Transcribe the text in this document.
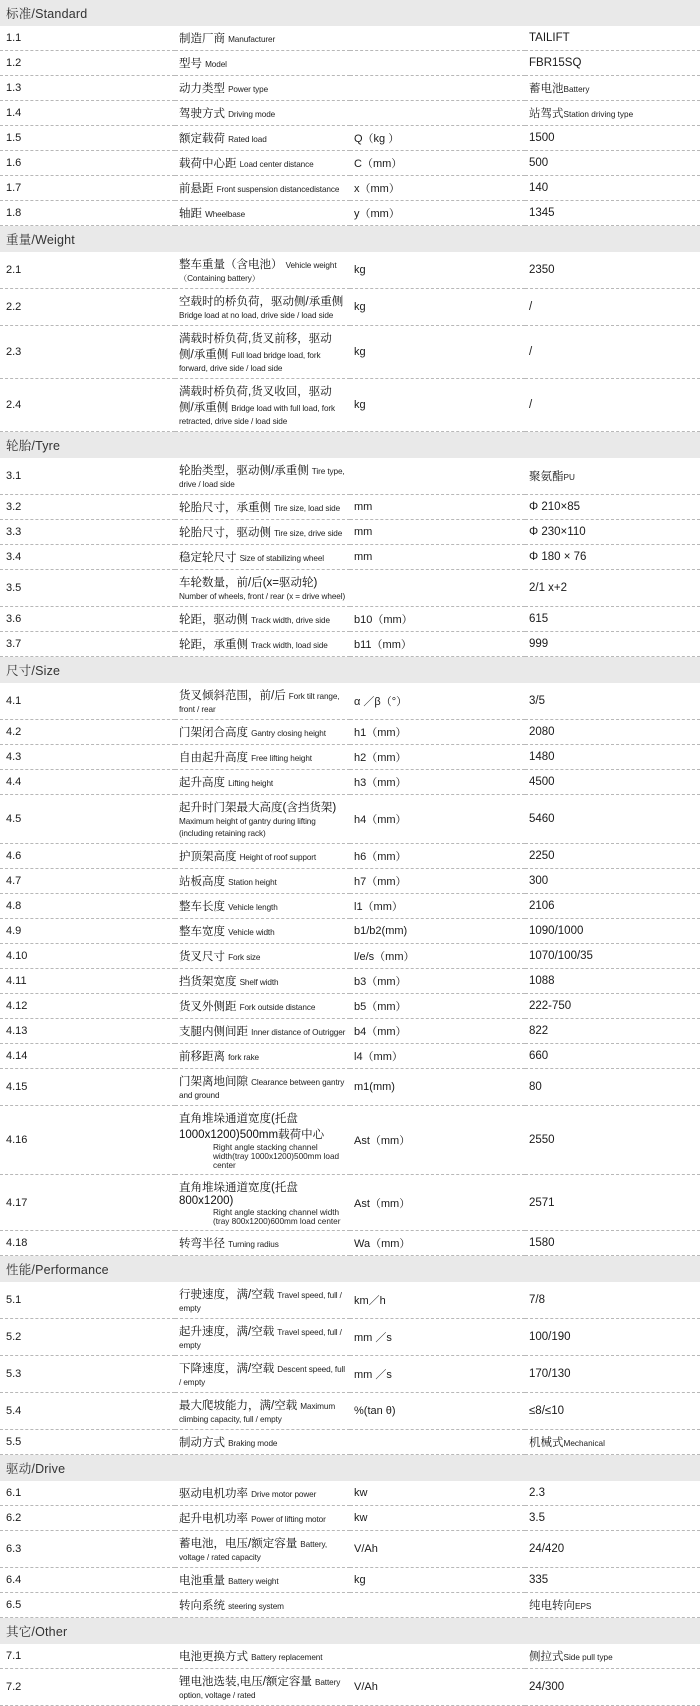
标准/Standard			
1.1	制造厂商 Manufacturer		TAILIFT
1.2	型号 Model		FBR15SQ
1.3	动力类型 Power type		蓄电池Battery
1.4	驾驶方式 Driving mode		站驾式Station driving type
1.5	额定载荷 Rated load	Q（kg ）	1500
1.6	载荷中心距 Load center distance	C（mm）	500
1.7	前悬距 Front suspension distancedistance	x（mm）	140
1.8	轴距 Wheelbase	y（mm）	1345
重量/Weight			
2.1	整车重量（含电池） Vehicle weight（Containing battery）	kg	2350
2.2	空载时的桥负荷，驱动侧/承重侧 Bridge load at no load, drive side / load side	kg	/
2.3	满载时桥负荷,货叉前移，驱动侧/承重侧 Full load bridge load, fork forward, drive side / load side	kg	/
2.4	满载时桥负荷,货叉收回，驱动侧/承重侧 Bridge load with full load, fork retracted, drive side / load side	kg	/
轮胎/Tyre			
3.1	轮胎类型，驱动侧/承重侧 Tire type, drive / load side		聚氨酯PU
3.2	轮胎尺寸，承重侧 Tire size, load side	mm	Φ 210×85
3.3	轮胎尺寸，驱动侧 Tire size, drive side	mm	Φ 230×110
3.4	稳定轮尺寸 Size of stabilizing wheel	mm	Φ 180 × 76
3.5	车轮数量，前/后(x=驱动轮) Number of wheels, front / rear (x = drive wheel)		2/1 x+2
3.6	轮距，驱动侧 Track width, drive side	b10（mm）	615
3.7	轮距，承重侧 Track width, load side	b11（mm）	999
尺寸/Size			
4.1	货叉倾斜范围，前/后 Fork tilt range, front / rear	α ／β（°）	3/5
4.2	门架闭合高度 Gantry closing height	h1（mm）	2080
4.3	自由起升高度 Free lifting height	h2（mm）	1480
4.4	起升高度 Lifting height	h3（mm）	4500
4.5	起升时门架最大高度(含挡货架) Maximum height of gantry during lifting (including retaining rack)	h4（mm）	5460
4.6	护顶架高度 Height of roof support	h6（mm）	2250
4.7	站板高度 Station height	h7（mm）	300
4.8	整车长度 Vehicle length	l1（mm）	2106
4.9	整车宽度 Vehicle width	b1/b2(mm)	1090/1000
4.10	货叉尺寸 Fork size	l/e/s（mm）	1070/100/35
4.11	挡货架宽度 Shelf width	b3（mm）	1088
4.12	货叉外侧距 Fork outside distance	b5（mm）	222-750
4.13	支腿内侧间距 Inner distance of Outrigger	b4（mm）	822
4.14	前移距离 fork rake	l4（mm）	660
4.15	门架离地间隙 Clearance between gantry and ground	m1(mm)	80
4.16	直角堆垛通道宽度(托盘1000x1200)500mm载荷中心
Right angle stacking channel width(tray 1000x1200)500mm load center	Ast（mm）	2550
4.17	直角堆垛通道宽度(托盘800x1200)
Right angle stacking channel width (tray 800x1200)600mm load center	Ast（mm）	2571
4.18	转弯半径 Turning radius	Wa（mm）	1580
性能/Performance			
5.1	行驶速度，满/空载 Travel speed, full / empty	km／h	7/8
5.2	起升速度，满/空载 Travel speed, full / empty	mm ／s	100/190
5.3	下降速度，满/空载 Descent speed, full / empty	mm ／s	170/130
5.4	最大爬坡能力，满/空载 Maximum climbing capacity, full / empty	%(tan θ)	≤8/≤10
5.5	制动方式 Braking mode		机械式Mechanical
驱动/Drive			
6.1	驱动电机功率 Drive motor power	kw	2.3
6.2	起升电机功率 Power of lifting motor	kw	3.5
6.3	蓄电池，电压/额定容量 Battery, voltage / rated capacity	V/Ah	24/420
6.4	电池重量 Battery weight	kg	335
6.5	转向系统 steering system		纯电转向EPS
其它/Other			
7.1	电池更换方式 Battery replacement		侧拉式Side pull type
7.2	锂电池选装,电压/额定容量 Battery option, voltage / rated	V/Ah	24/300
